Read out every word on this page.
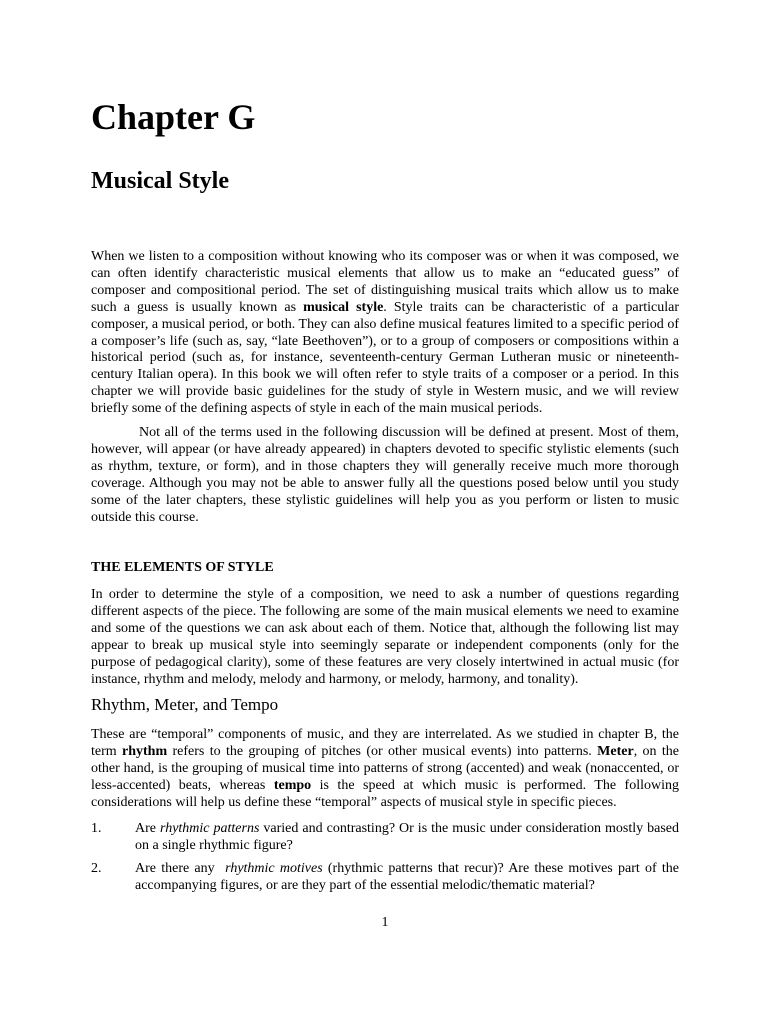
Chapter G
Musical Style

When we listen to a composition without knowing who its composer was or when it was composed, we can often identify characteristic musical elements that allow us to make an “educated guess” of composer and compositional period. The set of distinguishing musical traits which allow us to make such a guess is usually known as musical style. Style traits can be characteristic of a particular composer, a musical period, or both. They can also define musical features limited to a specific period of a composer’s life (such as, say, “late Beethoven”), or to a group of composers or compositions within a historical period (such as, for instance, seventeenth-century German Lutheran music or nineteenth-century Italian opera). In this book we will often refer to style traits of a composer or a period. In this chapter we will provide basic guidelines for the study of style in Western music, and we will review briefly some of the defining aspects of style in each of the main musical periods.

Not all of the terms used in the following discussion will be defined at present. Most of them, however, will appear (or have already appeared) in chapters devoted to specific stylistic elements (such as rhythm, texture, or form), and in those chapters they will generally receive much more thorough coverage. Although you may not be able to answer fully all the questions posed below until you study some of the later chapters, these stylistic guidelines will help you as you perform or listen to music outside this course.

THE ELEMENTS OF STYLE

In order to determine the style of a composition, we need to ask a number of questions regarding different aspects of the piece. The following are some of the main musical elements we need to examine and some of the questions we can ask about each of them. Notice that, although the following list may appear to break up musical style into seemingly separate or independent components (only for the purpose of pedagogical clarity), some of these features are very closely intertwined in actual music (for instance, rhythm and melody, melody and harmony, or melody, harmony, and tonality).

Rhythm, Meter, and Tempo

These are “temporal” components of music, and they are interrelated. As we studied in chapter B, the term rhythm refers to the grouping of pitches (or other musical events) into patterns. Meter, on the other hand, is the grouping of musical time into patterns of strong (accented) and weak (nonaccented, or less-accented) beats, whereas tempo is the speed at which music is performed. The following considerations will help us define these “temporal” aspects of musical style in specific pieces.

1. Are rhythmic patterns varied and contrasting? Or is the music under consideration mostly based on a single rhythmic figure?

2. Are there any  rhythmic motives (rhythmic patterns that recur)? Are these motives part of the accompanying figures, or are they part of the essential melodic/thematic material?

1
